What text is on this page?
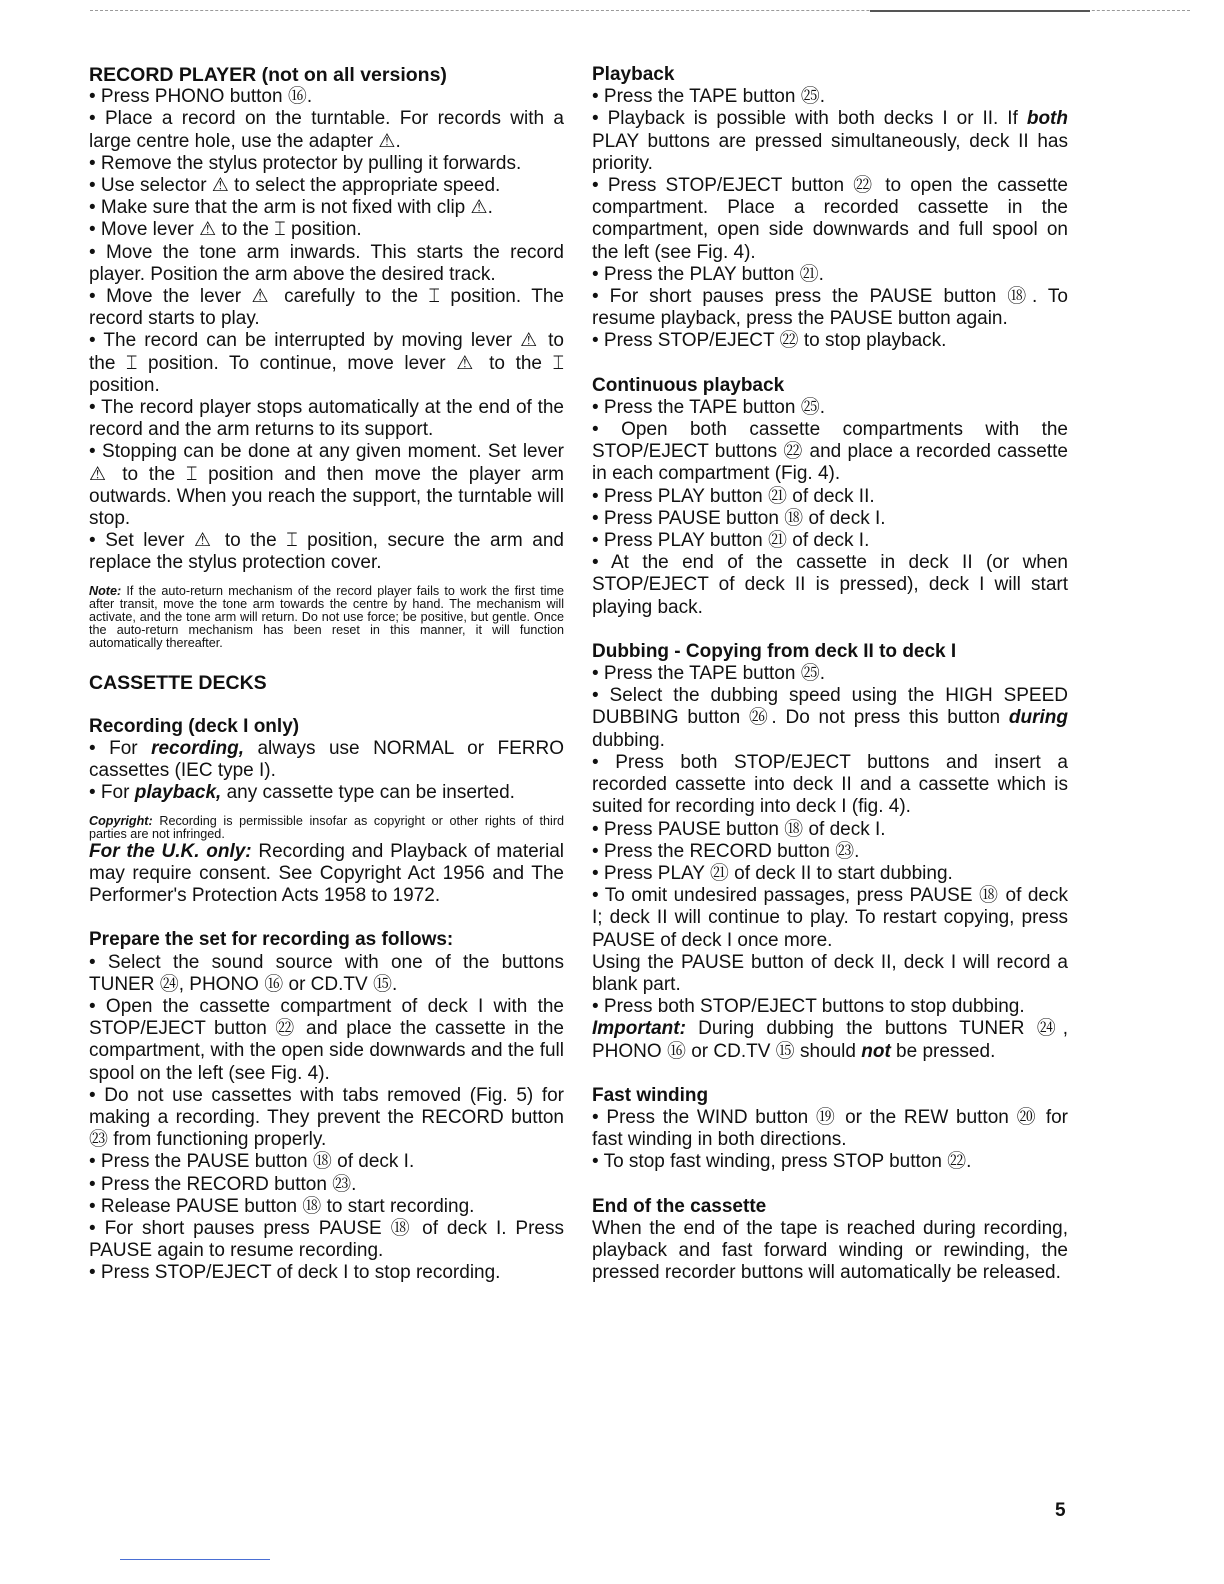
RECORD PLAYER (not on all versions)

• Press PHONO button ⑯.

• Place a record on the turntable. For records with a large centre hole, use the adapter ⚠.

• Remove the stylus protector by pulling it forwards.

• Use selector ⚠ to select the appropriate speed.

• Make sure that the arm is not fixed with clip ⚠.

• Move lever ⚠ to the ⌶ position.

• Move the tone arm inwards. This starts the record player. Position the arm above the desired track.

• Move the lever ⚠ carefully to the ⌶ position. The record starts to play.

• The record can be interrupted by moving lever ⚠ to the ⌶ position. To continue, move lever ⚠ to the ⌶ position.

• The record player stops automatically at the end of the record and the arm returns to its support.

• Stopping can be done at any given moment. Set lever ⚠ to the ⌶ position and then move the player arm outwards. When you reach the support, the turntable will stop.

• Set lever ⚠ to the ⌶ position, secure the arm and replace the stylus protection cover.

Note: If the auto-return mechanism of the record player fails to work the first time after transit, move the tone arm towards the centre by hand. The mechanism will activate, and the tone arm will return. Do not use force; be positive, but gentle. Once the auto-return mechanism has been reset in this manner, it will function automatically thereafter.

CASSETTE DECKS

Recording (deck I only)

• For recording, always use NORMAL or FERRO cassettes (IEC type I).

• For playback, any cassette type can be inserted.

Copyright: Recording is permissible insofar as copyright or other rights of third parties are not infringed.

For the U.K. only: Recording and Playback of material may require consent. See Copyright Act 1956 and The Performer's Protection Acts 1958 to 1972.

Prepare the set for recording as follows:

• Select the sound source with one of the buttons TUNER ㉔, PHONO ⑯ or CD.TV ⑮.

• Open the cassette compartment of deck I with the STOP/EJECT button ㉒ and place the cassette in the compartment, with the open side downwards and the full spool on the left (see Fig. 4).

• Do not use cassettes with tabs removed (Fig. 5) for making a recording. They prevent the RECORD button ㉓ from functioning properly.

• Press the PAUSE button ⑱ of deck I.

• Press the RECORD button ㉓.

• Release PAUSE button ⑱ to start recording.

• For short pauses press PAUSE ⑱ of deck I. Press PAUSE again to resume recording.

• Press STOP/EJECT of deck I to stop recording.

Playback

• Press the TAPE button ㉕.

• Playback is possible with both decks I or II. If both PLAY buttons are pressed simultaneously, deck II has priority.

• Press STOP/EJECT button ㉒ to open the cassette compartment. Place a recorded cassette in the compartment, open side downwards and full spool on the left (see Fig. 4).

• Press the PLAY button ㉑.

• For short pauses press the PAUSE button ⑱. To resume playback, press the PAUSE button again.

• Press STOP/EJECT ㉒ to stop playback.

Continuous playback

• Press the TAPE button ㉕.

• Open both cassette compartments with the STOP/EJECT buttons ㉒ and place a recorded cassette in each compartment (Fig. 4).

• Press PLAY button ㉑ of deck II.

• Press PAUSE button ⑱ of deck I.

• Press PLAY button ㉑ of deck I.

• At the end of the cassette in deck II (or when STOP/EJECT of deck II is pressed), deck I will start playing back.

Dubbing - Copying from deck II to deck I

• Press the TAPE button ㉕.

• Select the dubbing speed using the HIGH SPEED DUBBING button ㉖. Do not press this button during dubbing.

• Press both STOP/EJECT buttons and insert a recorded cassette into deck II and a cassette which is suited for recording into deck I (fig. 4).

• Press PAUSE button ⑱ of deck I.

• Press the RECORD button ㉓.

• Press PLAY ㉑ of deck II to start dubbing.

• To omit undesired passages, press PAUSE ⑱ of deck I; deck II will continue to play. To restart copying, press PAUSE of deck I once more.

Using the PAUSE button of deck II, deck I will record a blank part.

• Press both STOP/EJECT buttons to stop dubbing.

Important: During dubbing the buttons TUNER ㉔, PHONO ⑯ or CD.TV ⑮ should not be pressed.

Fast winding

• Press the WIND button ⑲ or the REW button ⑳ for fast winding in both directions.

• To stop fast winding, press STOP button ㉒.

End of the cassette

When the end of the tape is reached during recording, playback and fast forward winding or rewinding, the pressed recorder buttons will automatically be released.

5
